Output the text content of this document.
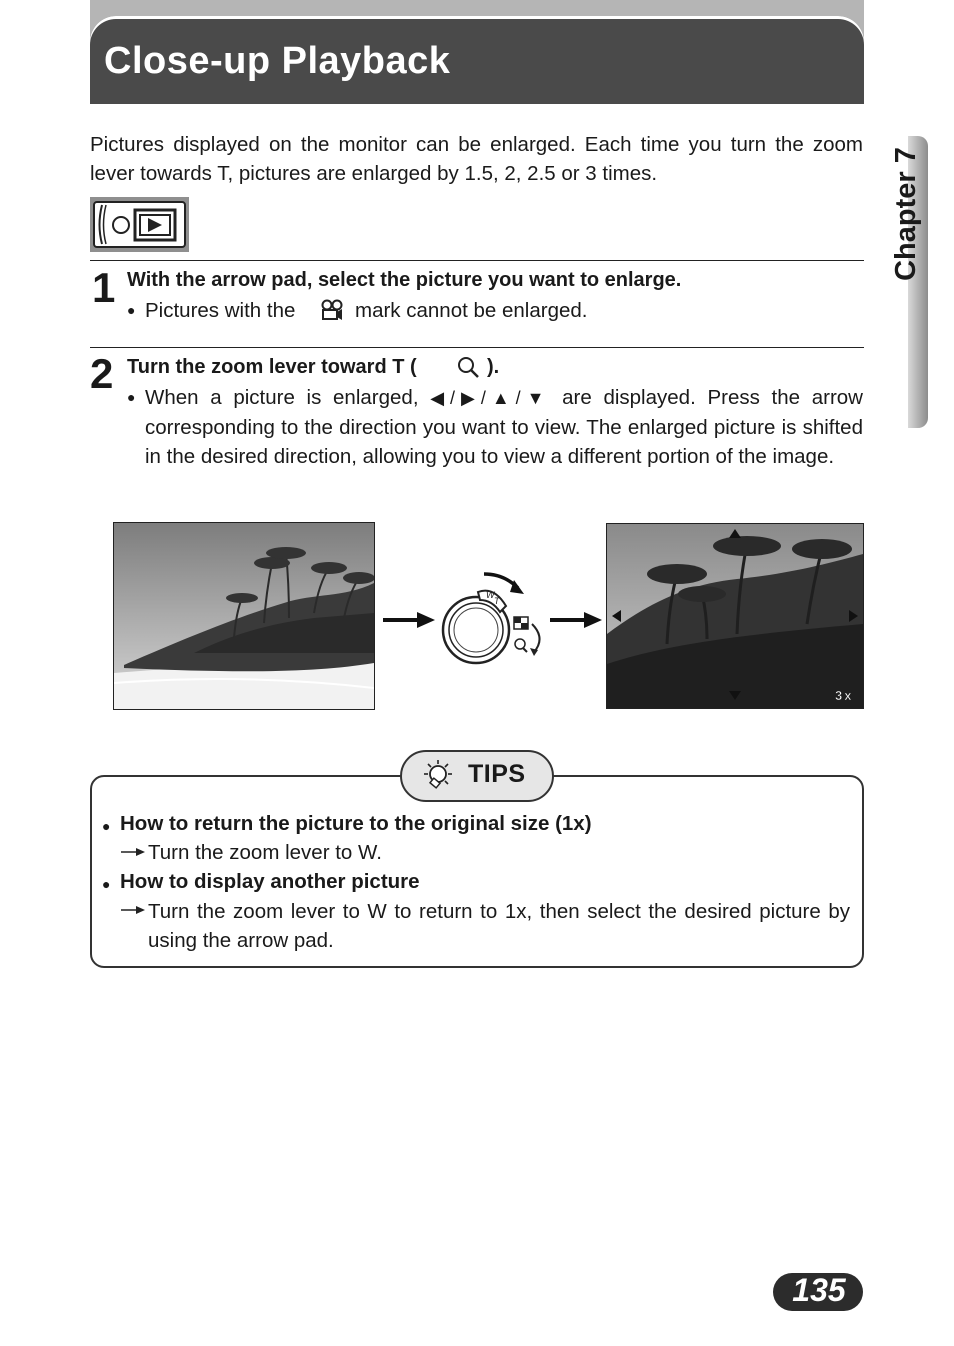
Close-up Playback
Chapter 7

Pictures displayed on the monitor can be enlarged. Each time you turn the zoom lever towards T, pictures are enlarged by 1.5, 2, 2.5 or 3 times.

1 With the arrow pad, select the picture you want to enlarge.
● Pictures with the	mark cannot be enlarged.
2 Turn the zoom lever toward T (	).
● When a picture is enlarged, ◀/▶/▲/▼ are displayed. Press the arrow corresponding to the direction you want to view. The enlarged picture is shifted in the desired direction, allowing you to view a different portion of the image.

W
T
3x
TIPS
● How to return the picture to the original size (1x)
Turn the zoom lever to W.
● How to display another picture

Turn the zoom lever to W to return to 1x, then select the desired picture by using the arrow pad.

135
